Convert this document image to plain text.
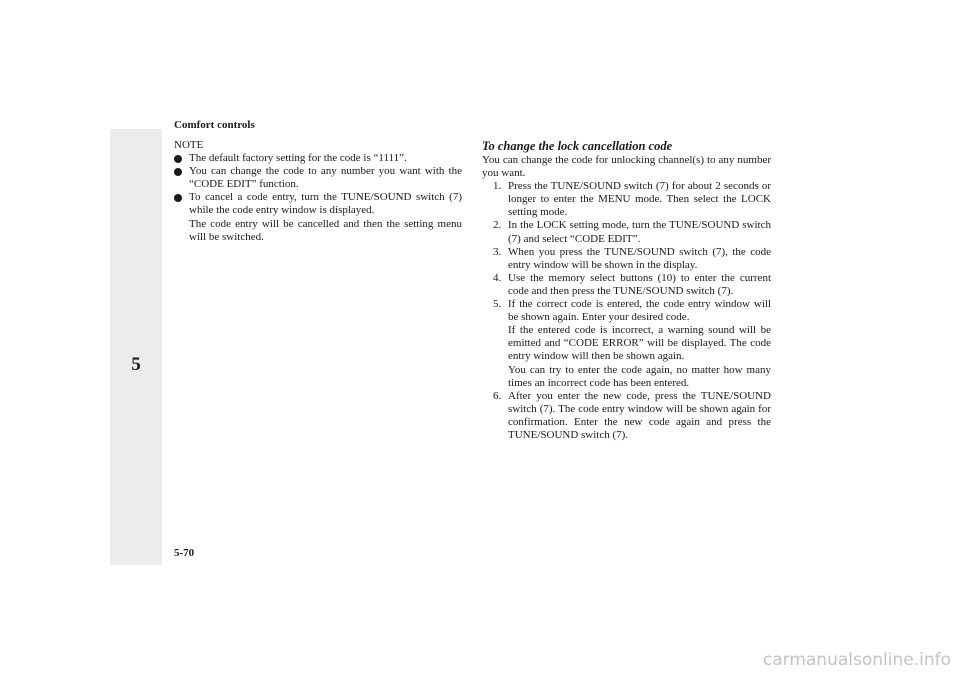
Comfort controls
5

NOTE

The default factory setting for the code is “1111”.
You can change the code to any number you want with the “CODE EDIT” function.
To cancel a code entry, turn the TUNE/SOUND switch (7) while the code entry window is displayed.
The code entry will be cancelled and then the setting menu will be switched.

To change the lock cancellation code

You can change the code for unlocking channel(s) to any number you want.

1. Press the TUNE/SOUND switch (7) for about 2 seconds or longer to enter the MENU mode. Then select the LOCK setting mode.
2. In the LOCK setting mode, turn the TUNE/SOUND switch (7) and select “CODE EDIT”.
3. When you press the TUNE/SOUND switch (7), the code entry window will be shown in the display.
4. Use the memory select buttons (10) to enter the current code and then press the TUNE/SOUND switch (7).
5. If the correct code is entered, the code entry window will be shown again. Enter your desired code.
If the entered code is incorrect, a warning sound will be emitted and “CODE ERROR” will be displayed. The code entry window will then be shown again.
You can try to enter the code again, no matter how many times an incorrect code has been entered.
6. After you enter the new code, press the TUNE/SOUND switch (7). The code entry window will be shown again for confirmation. Enter the new code again and press the TUNE/SOUND switch (7).
5-70
carmanualsonline.info
